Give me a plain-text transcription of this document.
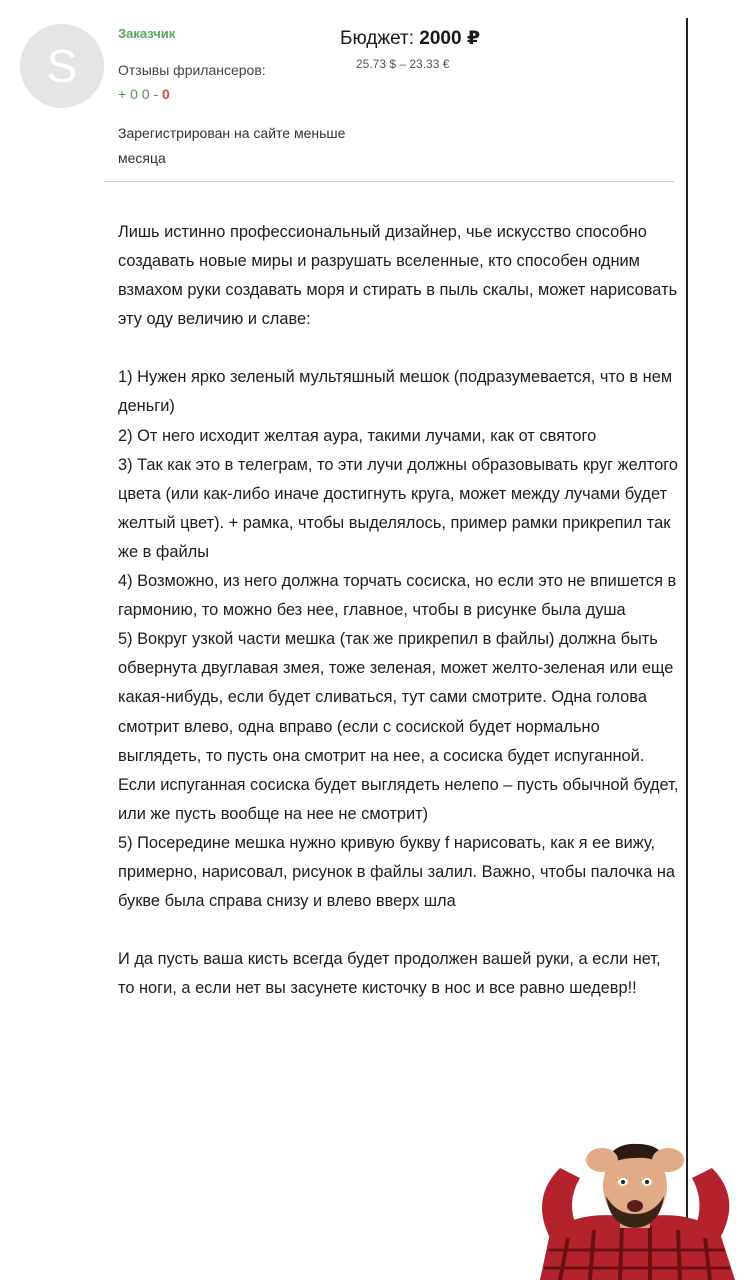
S
Заказчик
Отзывы фрилансеров:
+ 0 0 - 0
Зарегистрирован на сайте меньше месяца
Бюджет: 2000 ₽
25.73 $ – 23.33 €

Лишь истинно профессиональный дизайнер, чье искусство способно создавать новые миры и разрушать вселенные, кто способен одним взмахом руки создавать моря и стирать в пыль скалы, может нарисовать эту оду величию и славе:

1) Нужен ярко зеленый мультяшный мешок (подразумевается, что в нем деньги)

2) От него исходит желтая аура, такими лучами, как от святого

3) Так как это в телеграм, то эти лучи должны образовывать круг желтого цвета (или как-либо иначе достигнуть круга, может между лучами будет желтый цвет). + рамка, чтобы выделялось, пример рамки прикрепил так же в файлы

4) Возможно, из него должна торчать сосиска, но если это не впишется в гармонию, то можно без нее, главное, чтобы в рисунке была душа

5) Вокруг узкой части мешка (так же прикрепил в файлы) должна быть обвернута двуглавая змея, тоже зеленая, может желто-зеленая или еще какая-нибудь, если будет сливаться, тут сами смотрите. Одна голова смотрит влево, одна вправо (если с сосиской будет нормально выглядеть, то пусть она смотрит на нее, а сосиска будет испуганной. Если испуганная сосиска будет выглядеть нелепо – пусть обычной будет, или же пусть вообще на нее не смотрит)

5) Посередине мешка нужно кривую букву f нарисовать, как я ее вижу, примерно, нарисовал, рисунок в файлы залил. Важно, чтобы палочка на букве была справа снизу и влево вверх шла

И да пусть ваша кисть всегда будет продолжен вашей руки, а если нет, то ноги, а если нет вы засунете кисточку в нос и все равно шедевр!!
